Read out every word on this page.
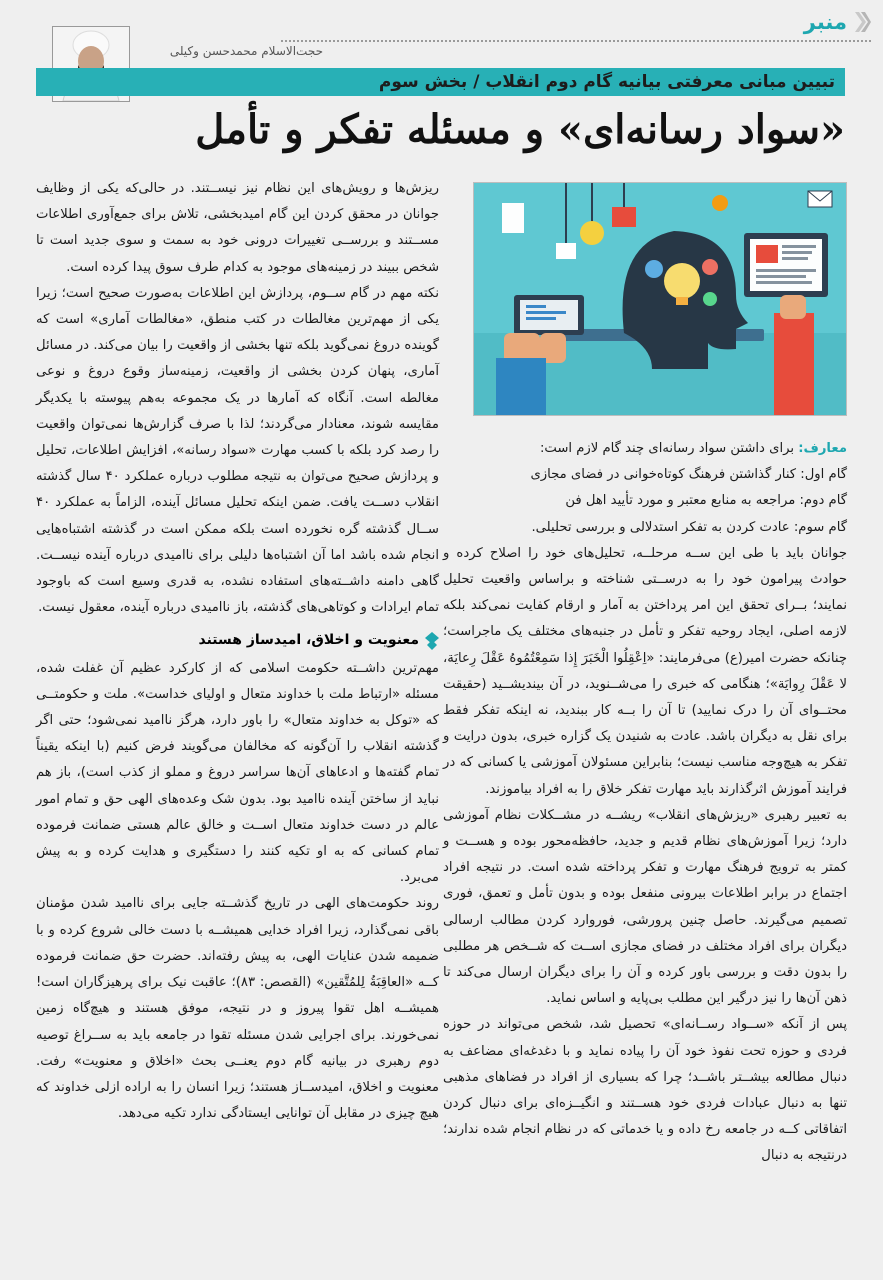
منبر
حجت‌الاسلام محمدحسن وکیلی
تبیین مبانی معرفتی بیانیه گام دوم انقلاب / بخش سوم
«سواد رسانه‌ای» و مسئله تفکر و تأمل

ریزش‌ها و رویش‌های این نظام نیز نیســتند. در حالی‌که یکی از وظایف جوانان در محقق کردن این گام امیدبخشی، تلاش برای جمع‌آوری اطلاعات مســتند و بررســی تغییرات درونی خود به سمت و سوی جدید است تا شخص ببیند در زمینه‌های موجود به کدام طرف سوق پیدا کرده است.

نکته مهم در گام ســوم، پردازش این اطلاعات به‌صورت صحیح است؛ زیرا یکی از مهم‌ترین مغالطات در کتب منطق، «مغالطات آماری» است که گوینده دروغ نمی‌گوید بلکه تنها بخشی از واقعیت را بیان می‌کند. در مسائل آماری، پنهان کردن بخشی از واقعیت، زمینه‌ساز وقوع دروغ و نوعی مغالطه است. آنگاه که آمارها در یک مجموعه به‌هم پیوسته با یکدیگر مقایسه شوند، معنادار می‌گردند؛ لذا با صرف گزارش‌ها نمی‌توان واقعیت را رصد کرد بلکه با کسب مهارت «سواد رسانه»، افزایش اطلاعات، تحلیل و پردازش صحیح می‌توان به نتیجه مطلوب درباره عملکرد ۴۰ سال گذشته انقلاب دســت یافت. ضمن اینکه تحلیل مسائل آینده، الزاماً به عملکرد ۴۰ ســال گذشته گره نخورده است بلکه ممکن است در گذشته اشتباه‌هایی انجام شده باشد اما آن اشتباه‌ها دلیلی برای ناامیدی درباره آینده نیســت. گاهی دامنه داشــته‌های استفاده نشده، به قدری وسیع است که باوجود تمام ایرادات و کوتاهی‌های گذشته، باز ناامیدی درباره آینده، معقول نیست.

معنویت و اخلاق، امیدساز هستند

مهم‌ترین داشــته حکومت اسلامی که از کارکرد عظیم آن غفلت شده، مسئله «ارتباط ملت با خداوند متعال و اولیای خداست». ملت و حکومتــی که «توکل به خداوند متعال» را باور دارد، هرگز ناامید نمی‌شود؛ حتی اگر گذشته انقلاب را آن‌گونه که مخالفان می‌گویند فرض کنیم (با اینکه یقیناً تمام گفته‌ها و ادعاهای آن‌ها سراسر دروغ و مملو از کذب است)، باز هم نباید از ساختن آینده ناامید بود. بدون شک وعده‌های الهی حق و تمام امور عالم در دست خداوند متعال اســت و خالق عالم هستی ضمانت فرموده تمام کسانی که به او تکیه کنند را دستگیری و هدایت کرده و به پیش می‌برد.

روند حکومت‌های الهی در تاریخ گذشــته جایی برای ناامید شدن مؤمنان باقی نمی‌گذارد، زیرا افراد خدایی همیشــه با دست خالی شروع کرده و با ضمیمه شدن عنایات الهی، به پیش رفته‌اند. حضرت حق ضمانت فرموده کــه «العاقِبَةُ لِلمُتَّقین» (القصص: ۸۳)؛ عاقبت نیک برای پرهیزگاران است! همیشــه اهل تقوا پیروز و در نتیجه، موفق هستند و هیچ‌گاه زمین نمی‌خورند. برای اجرایی شدن مسئله تقوا در جامعه باید به ســراغ توصیه دوم رهبری در بیانیه گام دوم یعنــی بحث «اخلاق و معنویت» رفت. معنویت و اخلاق، امیدســاز هستند؛ زیرا انسان را به اراده ازلی خداوند که هیچ چیزی در مقابل آن توانایی ایستادگی ندارد تکیه می‌دهد.

معارف: برای داشتن سواد رسانه‌ای چند گام لازم است:

گام اول: کنار گذاشتن فرهنگ کوتاه‌خوانی در فضای مجازی

گام دوم: مراجعه به منابع معتبر و مورد تأیید اهل فن

گام سوم: عادت کردن به تفکر استدلالی و بررسی تحلیلی.

جوانان باید با طی این ســه مرحلــه، تحلیل‌های خود را اصلاح کرده و حوادث پیرامون خود را به درســتی شناخته و براساس واقعیت تحلیل نمایند؛ بــرای تحقق این امر پرداختن به آمار و ارقام کفایت نمی‌کند بلکه لازمه اصلی، ایجاد روحیه تفکر و تأمل در جنبه‌های مختلف یک ماجراست؛ چنانکه حضرت امیر(ع) می‌فرمایند: «اِعْقِلُوا الْخَبَرَ إِذا سَمِعْتُمُوهُ عَقْلَ رِعایَة، لا عَقْلَ رِوایَة»؛ هنگامی که خبری را می‌شــنوید، در آن بیندیشــید (حقیقت محتــوای آن را درک نمایید) تا آن را بــه کار ببندید، نه اینکه تفکر فقط برای نقل به دیگران باشد. عادت به شنیدن یک گزاره خبری، بدون درایت و تفکر به هیچ‌وجه مناسب نیست؛ بنابراین مسئولان آموزشی یا کسانی که در فرایند آموزش اثرگذارند باید مهارت تفکر خلاق را به افراد بیاموزند.

به تعبیر رهبری «ریزش‌های انقلاب» ریشــه در مشــکلات نظام آموزشی دارد؛ زیرا آموزش‌های نظام قدیم و جدید، حافظه‌محور بوده و هســت و کمتر به ترویج فرهنگ مهارت و تفکر پرداخته شده است. در نتیجه افراد اجتماع در برابر اطلاعات بیرونی منفعل بوده و بدون تأمل و تعمق، فوری تصمیم می‌گیرند. حاصل چنین پرورشی، فوروارد کردن مطالب ارسالی دیگران برای افراد مختلف در فضای مجازی اســت که شــخص هر مطلبی را بدون دقت و بررسی باور کرده و آن را برای دیگران ارسال می‌کند تا ذهن آن‌ها را نیز درگیر این مطلب بی‌پایه و اساس نماید.

پس از آنکه «ســواد رســانه‌ای» تحصیل شد، شخص می‌تواند در حوزه فردی و حوزه تحت نفوذ خود آن را پیاده نماید و با دغدغه‌ای مضاعف به دنبال مطالعه بیشــتر باشــد؛ چرا که بسیاری از افراد در فضاهای مذهبی تنها به دنبال عبادات فردی خود هســتند و انگیــزه‌ای برای دنبال کردن اتفاقاتی کــه در جامعه رخ داده و یا خدماتی که در نظام انجام شده ندارند؛ درنتیجه به دنبال
